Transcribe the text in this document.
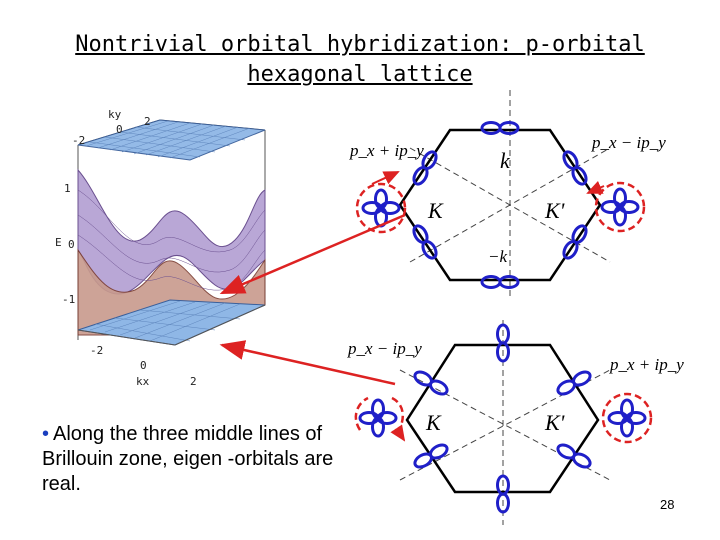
Nontrivial orbital hybridization: p-orbital hexagonal lattice
ky
-2
0
2
E
1
0
-1
-2
0
kx	2
p_x + ip_y	p_x − ip_y
k
K	K'
−k
p_x − ip_y
p_x + ip_y
K	K'
• Along the three middle lines of Brillouin zone, eigen -orbitals are real.
28
